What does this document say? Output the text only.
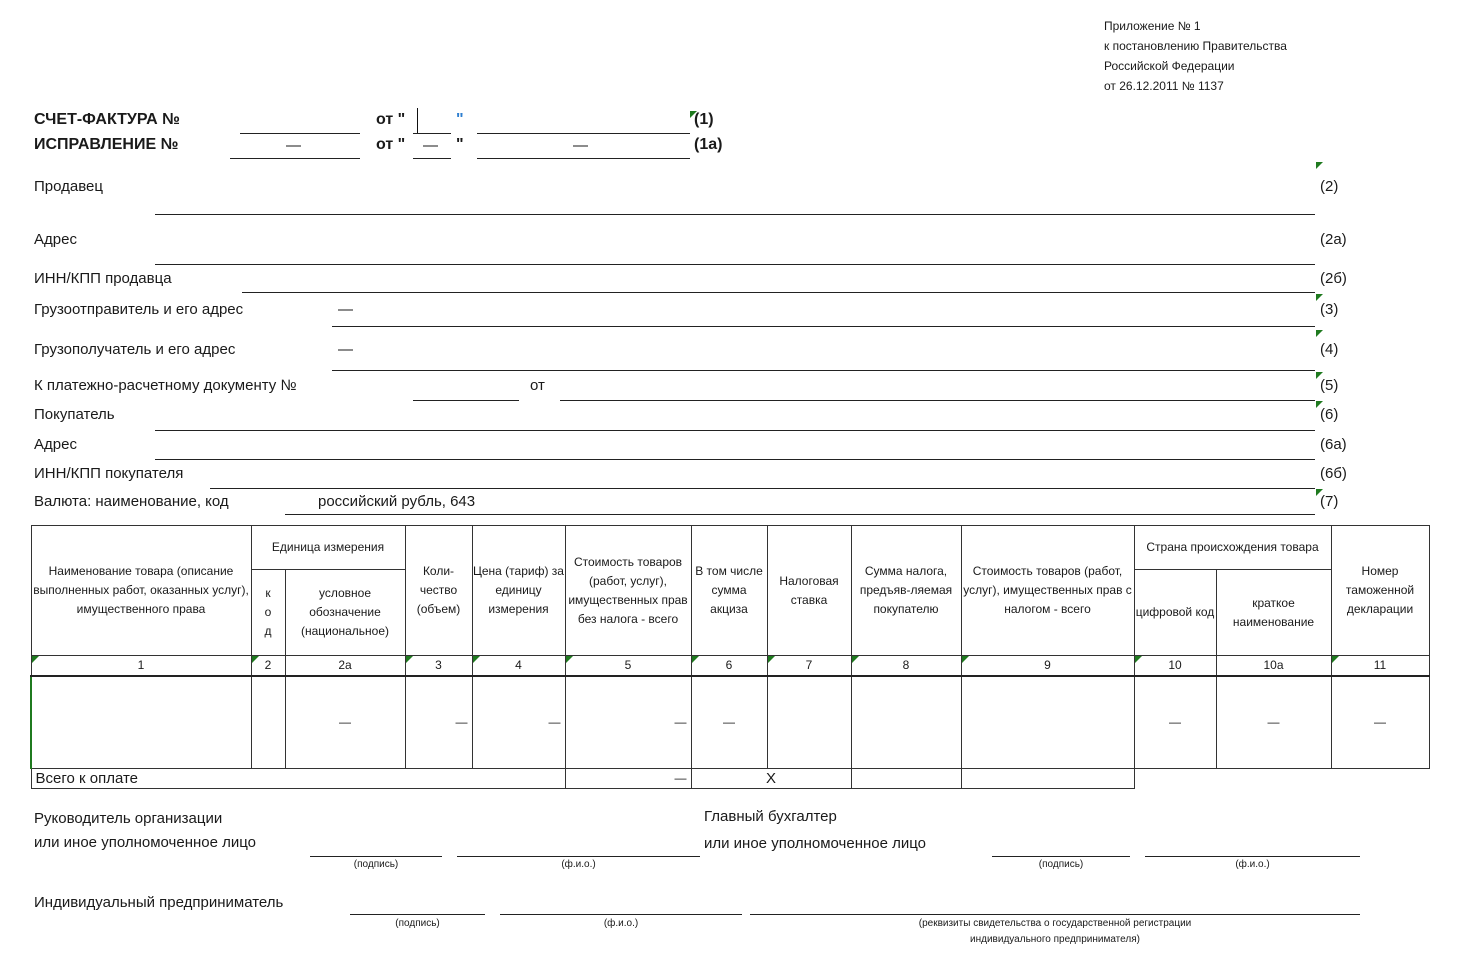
Приложение № 1
к постановлению Правительства
Российской Федерации
от 26.12.2011 № 1137
СЧЕТ-ФАКТУРА №	от "	"	(1)
ИСПРАВЛЕНИЕ №	—	от " — "	—	(1а)
Продавец	(2)
Адрес	(2а)
ИНН/КПП продавца	(2б)
Грузоотправитель и его адрес	—	(3)
Грузополучатель и его адрес	—	(4)
К платежно-расчетному документу №	от	(5)
Покупатель	(6)
Адрес	(6а)
ИНН/КПП покупателя	(6б)
Валюта: наименование, код	российский рубль, 643	(7)
Наименование товара (описание выполненных работ, оказанных услуг), имущественного права	Единица измерения		Коли-чество (объем)	Цена (тариф) за единицу измерения	Стоимость товаров (работ, услуг), имущественных прав без налога - всего	В том числе сумма акциза	Налоговая ставка	Сумма налога, предъяв-ляемая покупателю	Стоимость товаров (работ, услуг), имущественных прав с налогом - всего	Страна происхождения товара		Номер таможенной декларации
	к о д	условное обозначение (национальное)								цифровой код	краткое наименование	

1	2	2а	3	4	5	6	7	8	9	10	10а	11
		—	—	—	—	—				—	—	—
Всего к оплате					—	X						
Руководитель организации
или иное уполномоченное лицо
(подпись)	(ф.и.о.)
Главный бухгалтер
или иное уполномоченное лицо
(подпись)	(ф.и.о.)
Индивидуальный предприниматель
(подпись)	(ф.и.о.)	(реквизиты свидетельства о государственной регистрации
индивидуального предпринимателя)
